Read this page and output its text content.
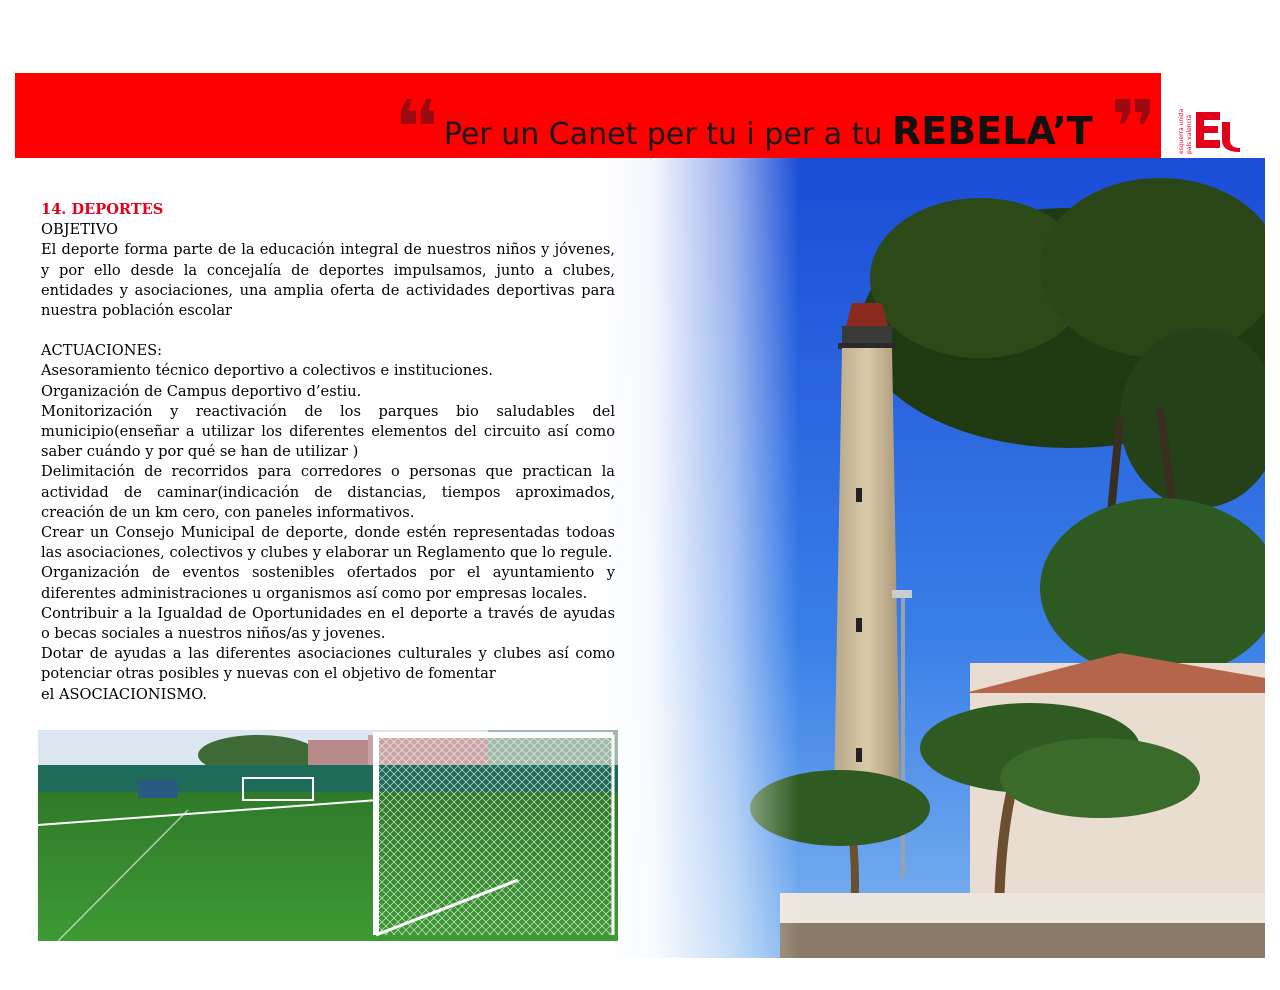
❛❛ Per un Canet per tu i per a tu REBELA’T ❜❜	esquerra unida país valencià

14. DEPORTES

OBJETIVO

El deporte forma parte de la educación integral de nuestros niños y jóvenes, y por ello desde la concejalía de deportes impulsamos, junto a clubes, entidades y asociaciones, una amplia oferta de actividades deportivas para nuestra población escolar

ACTUACIONES:

Asesoramiento técnico deportivo a colectivos e instituciones.

Organización de Campus deportivo d’estiu.

Monitorización y reactivación de los parques bio saludables del municipio(enseñar a utilizar los diferentes elementos del circuito así como saber cuándo y por qué se han de utilizar )

Delimitación de recorridos para corredores o personas que practican la actividad de caminar(indicación de distancias, tiempos aproximados, creación de un km cero, con paneles informativos.

Crear un Consejo Municipal de deporte, donde estén representadas todoas las asociaciones, colectivos y clubes y elaborar un Reglamento que lo regule.

Organización de eventos sostenibles ofertados por el ayuntamiento y diferentes administraciones u organismos así como por empresas locales.

Contribuir a la Igualdad de Oportunidades en el deporte a través de ayudas o becas sociales a nuestros niños/as y jovenes.

Dotar de ayudas a las diferentes asociaciones culturales y clubes así como potenciar otras posibles y nuevas con el objetivo de fomentar

el ASOCIACIONISMO.
